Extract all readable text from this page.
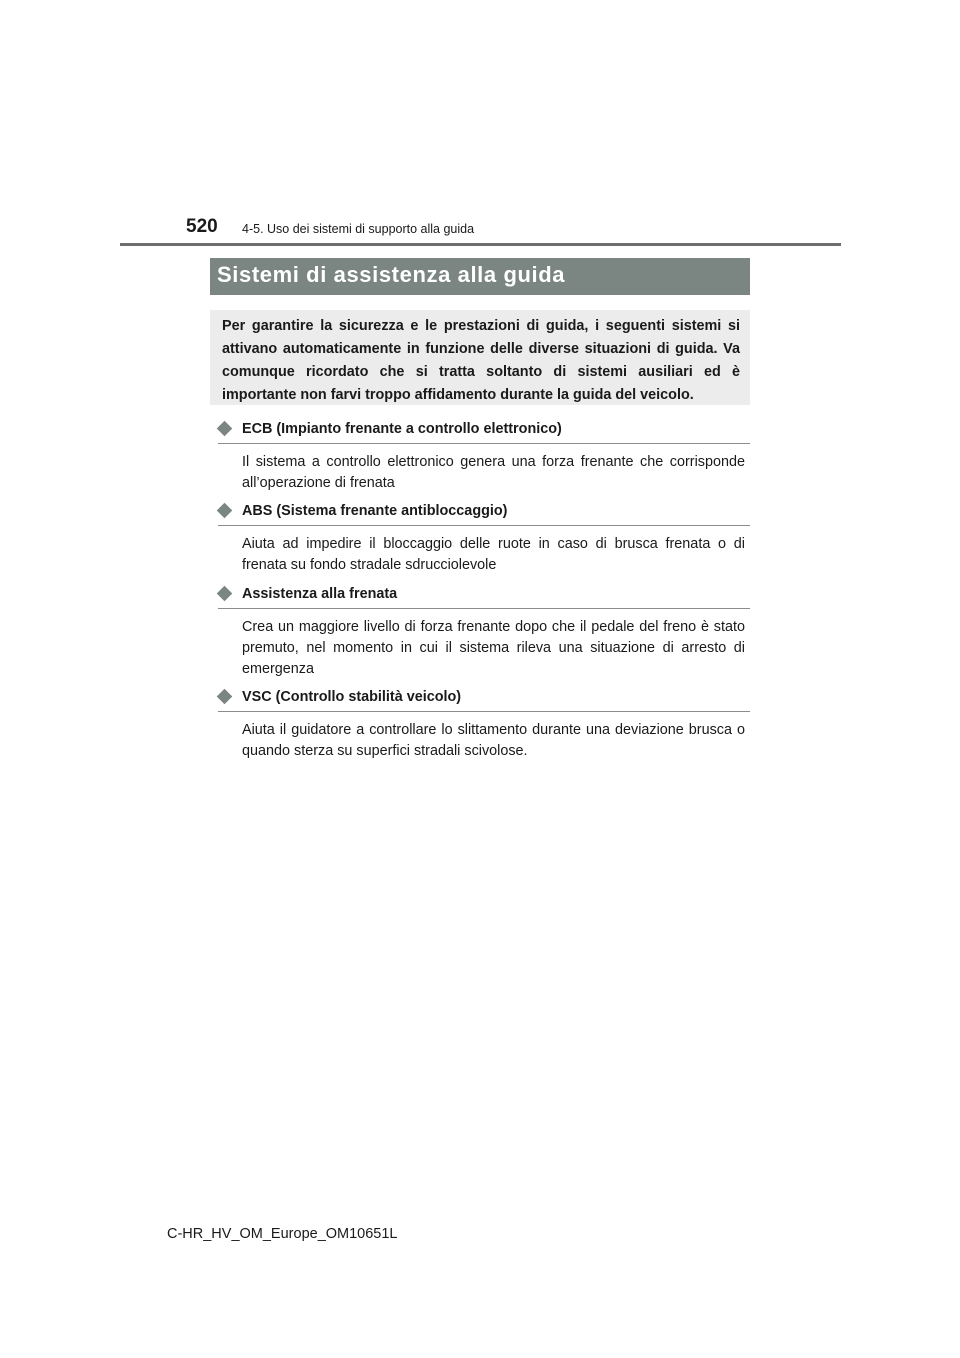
520 4-5. Uso dei sistemi di supporto alla guida
Sistemi di assistenza alla guida
Per garantire la sicurezza e le prestazioni di guida, i seguenti sistemi si attivano automaticamente in funzione delle diverse situazioni di guida. Va comunque ricordato che si tratta soltanto di sistemi ausiliari ed è importante non farvi troppo affidamento durante la guida del veicolo.
ECB (Impianto frenante a controllo elettronico)
Il sistema a controllo elettronico genera una forza frenante che corrisponde all’operazione di frenata
ABS (Sistema frenante antibloccaggio)
Aiuta ad impedire il bloccaggio delle ruote in caso di brusca frenata o di frenata su fondo stradale sdrucciolevole
Assistenza alla frenata
Crea un maggiore livello di forza frenante dopo che il pedale del freno è stato premuto, nel momento in cui il sistema rileva una situazione di arresto di emergenza
VSC (Controllo stabilità veicolo)
Aiuta il guidatore a controllare lo slittamento durante una deviazione brusca o quando sterza su superfici stradali scivolose.
C-HR_HV_OM_Europe_OM10651L
